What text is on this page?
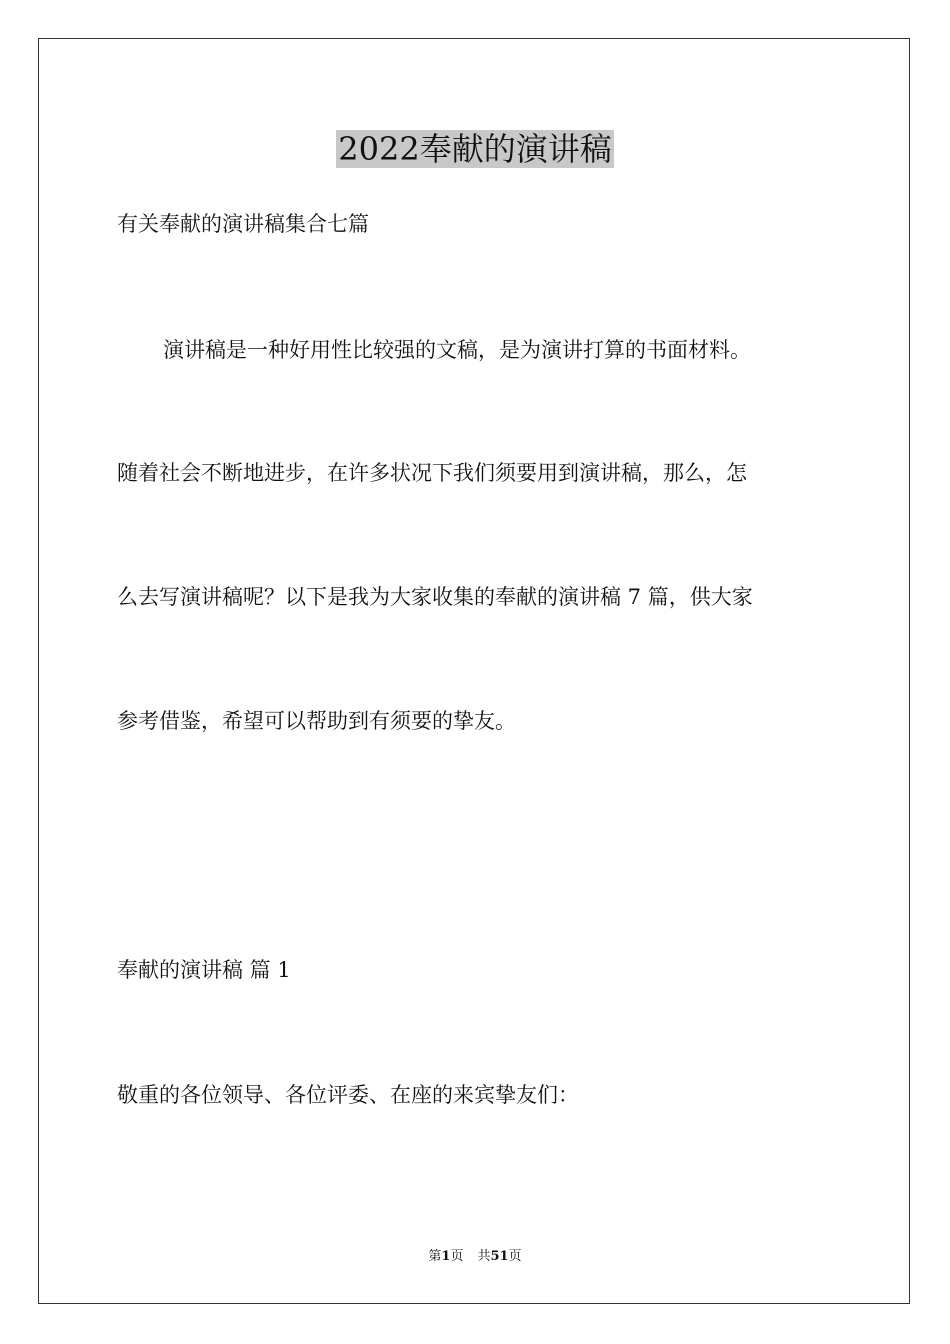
2022奉献的演讲稿

有关奉献的演讲稿集合七篇

演讲稿是一种好用性比较强的文稿，是为演讲打算的书面材料。

随着社会不断地进步，在许多状况下我们须要用到演讲稿，那么，怎

么去写演讲稿呢？以下是我为大家收集的奉献的演讲稿 7 篇，供大家

参考借鉴，希望可以帮助到有须要的挚友。

奉献的演讲稿 篇 1

敬重的各位领导、各位评委、在座的来宾挚友们：

第1页 共51页
